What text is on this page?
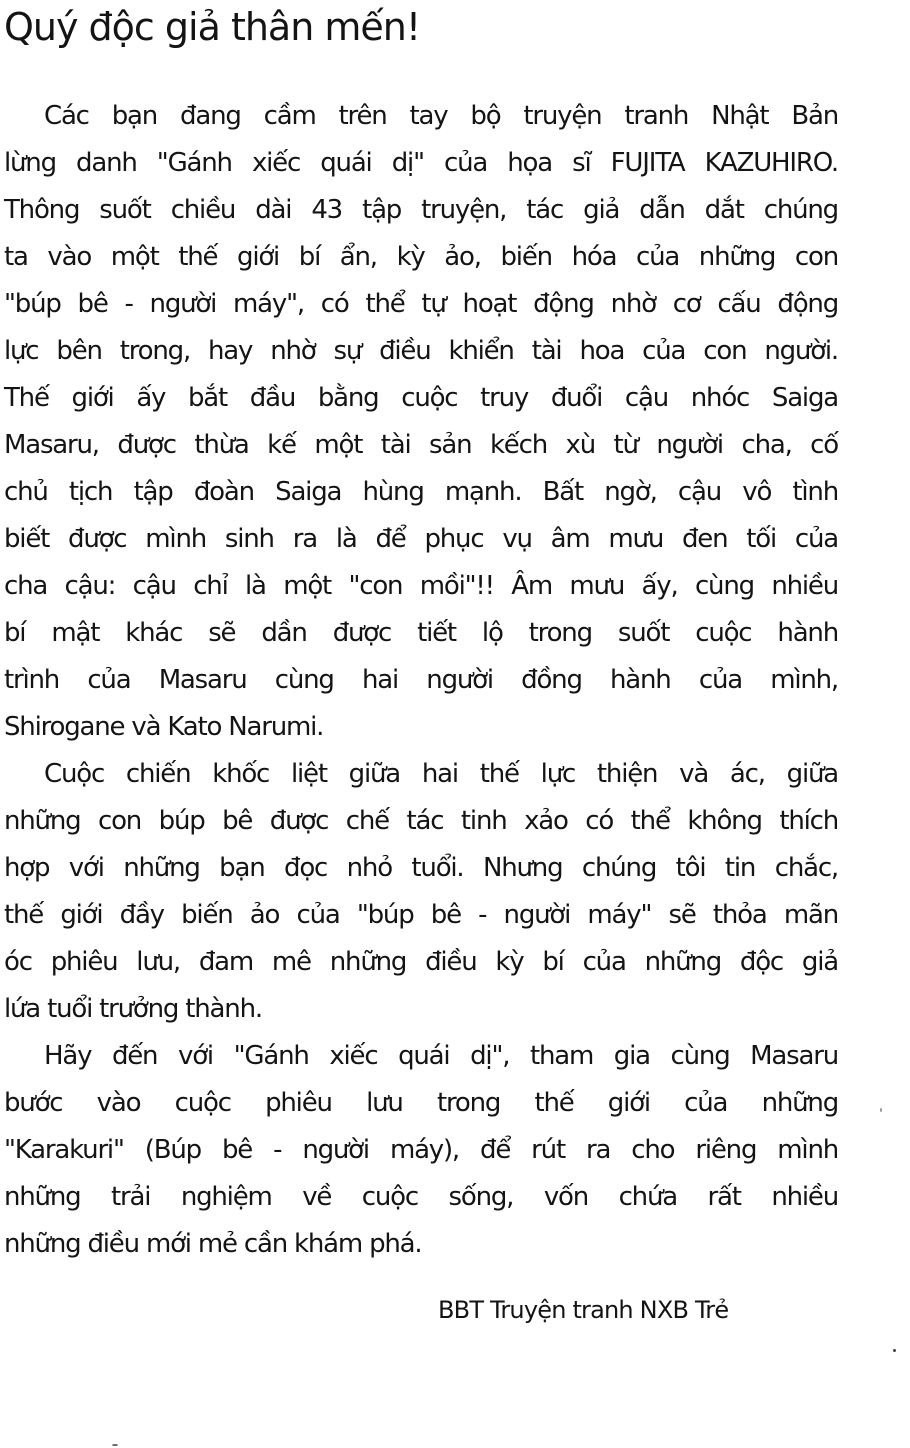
Quý độc giả thân mến!
Các bạn đang cầm trên tay bộ truyện tranh Nhật Bản
lừng danh "Gánh xiếc quái dị" của họa sĩ FUJITA KAZUHIRO.
Thông suốt chiều dài 43 tập truyện, tác giả dẫn dắt chúng
ta vào một thế giới bí ẩn, kỳ ảo, biến hóa của những con
"búp bê - người máy", có thể tự hoạt động nhờ cơ cấu động
lực bên trong, hay nhờ sự điều khiển tài hoa của con người.
Thế giới ấy bắt đầu bằng cuộc truy đuổi cậu nhóc Saiga
Masaru, được thừa kế một tài sản kếch xù từ người cha, cố
chủ tịch tập đoàn Saiga hùng mạnh. Bất ngờ, cậu vô tình
biết được mình sinh ra là để phục vụ âm mưu đen tối của
cha cậu: cậu chỉ là một "con mồi"!! Âm mưu ấy, cùng nhiều
bí mật khác sẽ dần được tiết lộ trong suốt cuộc hành
trình của Masaru cùng hai người đồng hành của mình,
Shirogane và Kato Narumi.
Cuộc chiến khốc liệt giữa hai thế lực thiện và ác, giữa
những con búp bê được chế tác tinh xảo có thể không thích
hợp với những bạn đọc nhỏ tuổi. Nhưng chúng tôi tin chắc,
thế giới đầy biến ảo của "búp bê - người máy" sẽ thỏa mãn
óc phiêu lưu, đam mê những điều kỳ bí của những độc giả
lứa tuổi trưởng thành.
Hãy đến với "Gánh xiếc quái dị", tham gia cùng Masaru
bước vào cuộc phiêu lưu trong thế giới của những
"Karakuri" (Búp bê - người máy), để rút ra cho riêng mình
những trải nghiệm về cuộc sống, vốn chứa rất nhiều
những điều mới mẻ cần khám phá.
BBT Truyện tranh NXB Trẻ
